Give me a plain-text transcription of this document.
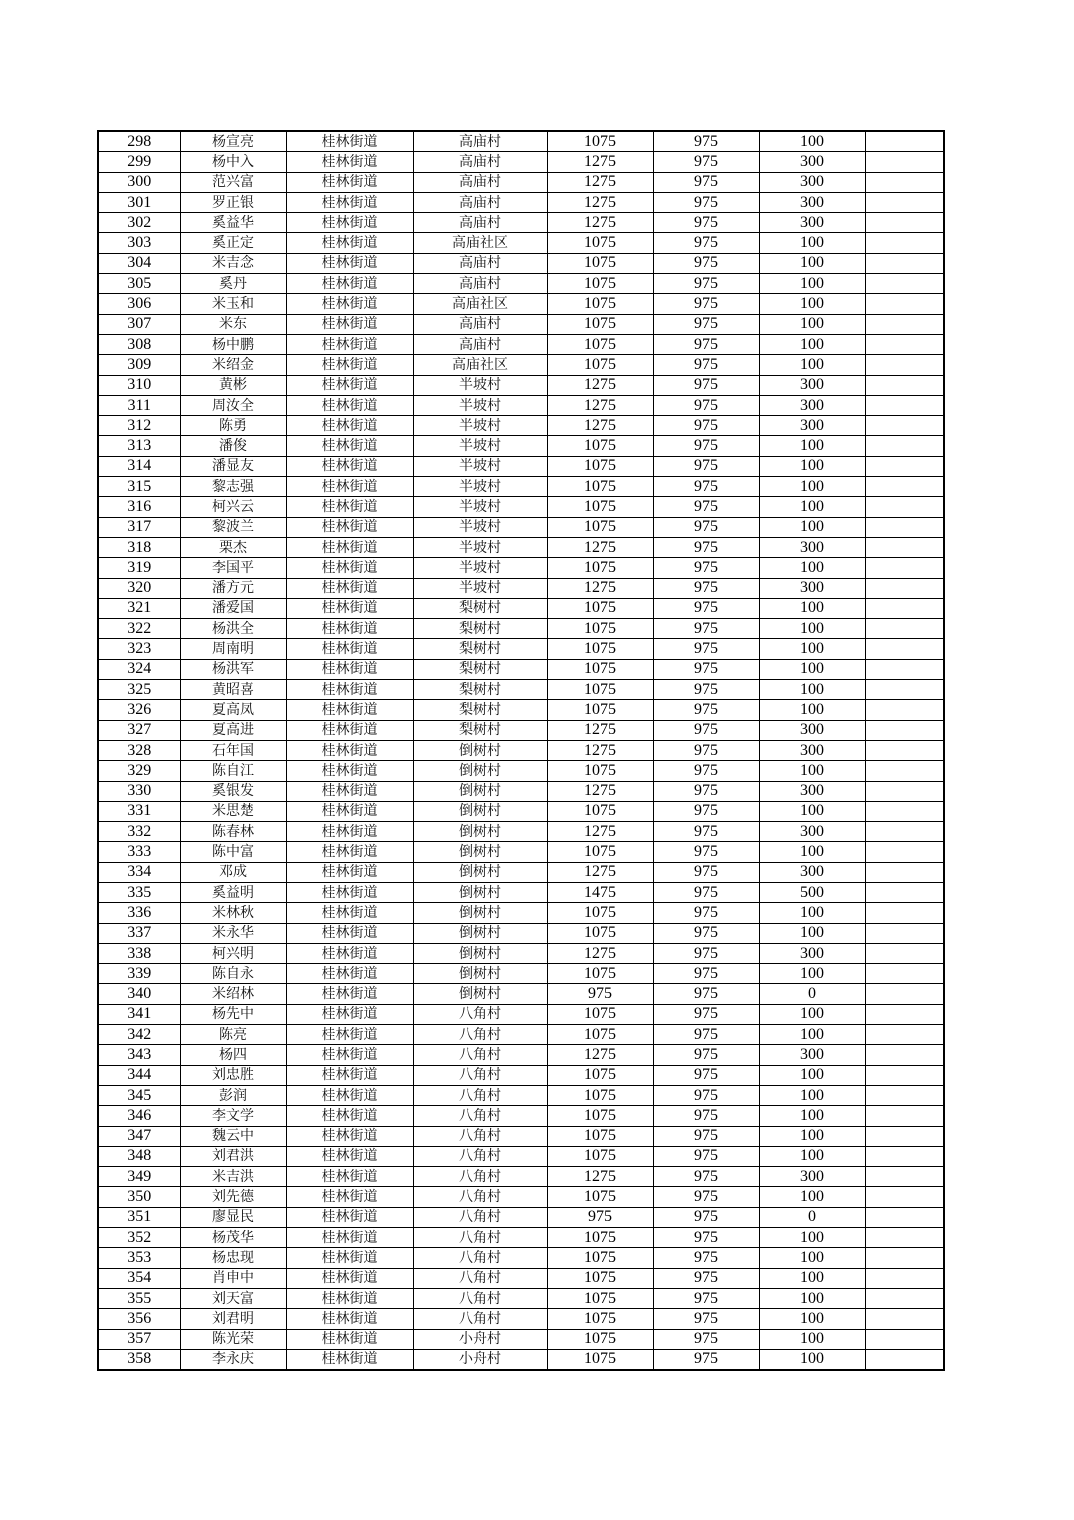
298	杨宣亮	桂林街道	高庙村	1075	975	100	
299	杨中入	桂林街道	高庙村	1275	975	300	
300	范兴富	桂林街道	高庙村	1275	975	300	
301	罗正银	桂林街道	高庙村	1275	975	300	
302	奚益华	桂林街道	高庙村	1275	975	300	
303	奚正定	桂林街道	高庙社区	1075	975	100	
304	米吉念	桂林街道	高庙村	1075	975	100	
305	奚丹	桂林街道	高庙村	1075	975	100	
306	米玉和	桂林街道	高庙社区	1075	975	100	
307	米东	桂林街道	高庙村	1075	975	100	
308	杨中鹏	桂林街道	高庙村	1075	975	100	
309	米绍金	桂林街道	高庙社区	1075	975	100	
310	黄彬	桂林街道	半坡村	1275	975	300	
311	周汝全	桂林街道	半坡村	1275	975	300	
312	陈勇	桂林街道	半坡村	1275	975	300	
313	潘俊	桂林街道	半坡村	1075	975	100	
314	潘显友	桂林街道	半坡村	1075	975	100	
315	黎志强	桂林街道	半坡村	1075	975	100	
316	柯兴云	桂林街道	半坡村	1075	975	100	
317	黎波兰	桂林街道	半坡村	1075	975	100	
318	栗杰	桂林街道	半坡村	1275	975	300	
319	李国平	桂林街道	半坡村	1075	975	100	
320	潘方元	桂林街道	半坡村	1275	975	300	
321	潘爱国	桂林街道	梨树村	1075	975	100	
322	杨洪全	桂林街道	梨树村	1075	975	100	
323	周南明	桂林街道	梨树村	1075	975	100	
324	杨洪军	桂林街道	梨树村	1075	975	100	
325	黄昭喜	桂林街道	梨树村	1075	975	100	
326	夏高凤	桂林街道	梨树村	1075	975	100	
327	夏高进	桂林街道	梨树村	1275	975	300	
328	石年国	桂林街道	倒树村	1275	975	300	
329	陈自江	桂林街道	倒树村	1075	975	100	
330	奚银发	桂林街道	倒树村	1275	975	300	
331	米思楚	桂林街道	倒树村	1075	975	100	
332	陈春林	桂林街道	倒树村	1275	975	300	
333	陈中富	桂林街道	倒树村	1075	975	100	
334	邓成	桂林街道	倒树村	1275	975	300	
335	奚益明	桂林街道	倒树村	1475	975	500	
336	米林秋	桂林街道	倒树村	1075	975	100	
337	米永华	桂林街道	倒树村	1075	975	100	
338	柯兴明	桂林街道	倒树村	1275	975	300	
339	陈自永	桂林街道	倒树村	1075	975	100	
340	米绍林	桂林街道	倒树村	975	975	0	
341	杨先中	桂林街道	八角村	1075	975	100	
342	陈亮	桂林街道	八角村	1075	975	100	
343	杨四	桂林街道	八角村	1275	975	300	
344	刘忠胜	桂林街道	八角村	1075	975	100	
345	彭润	桂林街道	八角村	1075	975	100	
346	李文学	桂林街道	八角村	1075	975	100	
347	魏云中	桂林街道	八角村	1075	975	100	
348	刘君洪	桂林街道	八角村	1075	975	100	
349	米吉洪	桂林街道	八角村	1275	975	300	
350	刘先德	桂林街道	八角村	1075	975	100	
351	廖显民	桂林街道	八角村	975	975	0	
352	杨茂华	桂林街道	八角村	1075	975	100	
353	杨忠现	桂林街道	八角村	1075	975	100	
354	肖申中	桂林街道	八角村	1075	975	100	
355	刘天富	桂林街道	八角村	1075	975	100	
356	刘君明	桂林街道	八角村	1075	975	100	
357	陈光荣	桂林街道	小舟村	1075	975	100	
358	李永庆	桂林街道	小舟村	1075	975	100	
